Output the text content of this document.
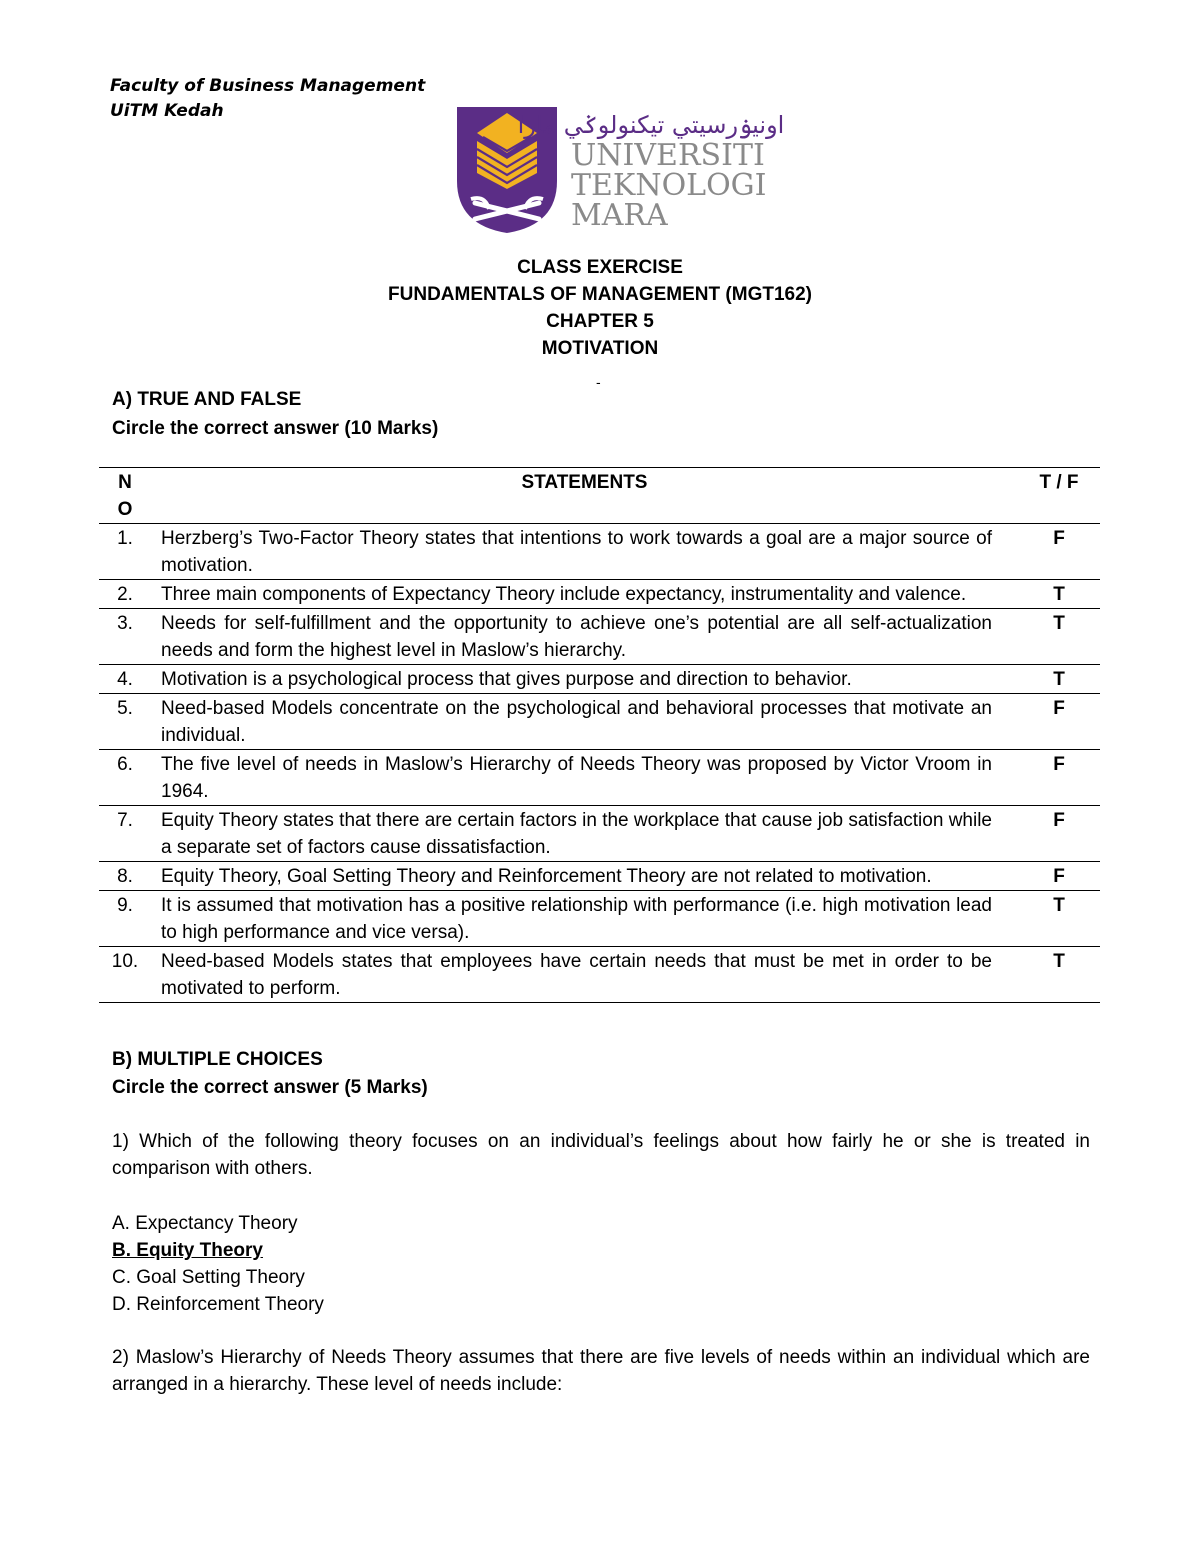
Faculty of Business Management
UiTM Kedah	اونيۏرسيتي تيكنولوݢي مارا
UNIVERSITI
TEKNOLOGI
MARA
CLASS EXERCISE
FUNDAMENTALS OF MANAGEMENT (MGT162)
CHAPTER 5
MOTIVATION
-
A) TRUE AND FALSE
Circle the correct answer (10 Marks)
N
O	STATEMENTS	T / F
1.	Herzberg’s Two-Factor Theory states that intentions to work towards a goal are a major source of motivation.	F
2.	Three main components of Expectancy Theory include expectancy, instrumentality and valence.	T
3.	Needs for self-fulfillment and the opportunity to achieve one’s potential are all self-actualization needs and form the highest level in Maslow’s hierarchy.	T
4.	Motivation is a psychological process that gives purpose and direction to behavior.	T
5.	Need-based Models concentrate on the psychological and behavioral processes that motivate an individual.	F
6.	The five level of needs in Maslow’s Hierarchy of Needs Theory was proposed by Victor Vroom in 1964.	F
7.	Equity Theory states that there are certain factors in the workplace that cause job satisfaction while a separate set of factors cause dissatisfaction.	F
8.	Equity Theory, Goal Setting Theory and Reinforcement Theory are not related to motivation.	F
9.	It is assumed that motivation has a positive relationship with performance (i.e. high motivation lead to high performance and vice versa).	T
10.	Need-based Models states that employees have certain needs that must be met in order to be motivated to perform.	T
B) MULTIPLE CHOICES
Circle the correct answer (5 Marks)

1) Which of the following theory focuses on an individual’s feelings about how fairly he or she is treated in comparison with others.

A. Expectancy Theory
B. Equity Theory
C. Goal Setting Theory
D. Reinforcement Theory

2) Maslow’s Hierarchy of Needs Theory assumes that there are five levels of needs within an individual which are arranged in a hierarchy. These level of needs include:
